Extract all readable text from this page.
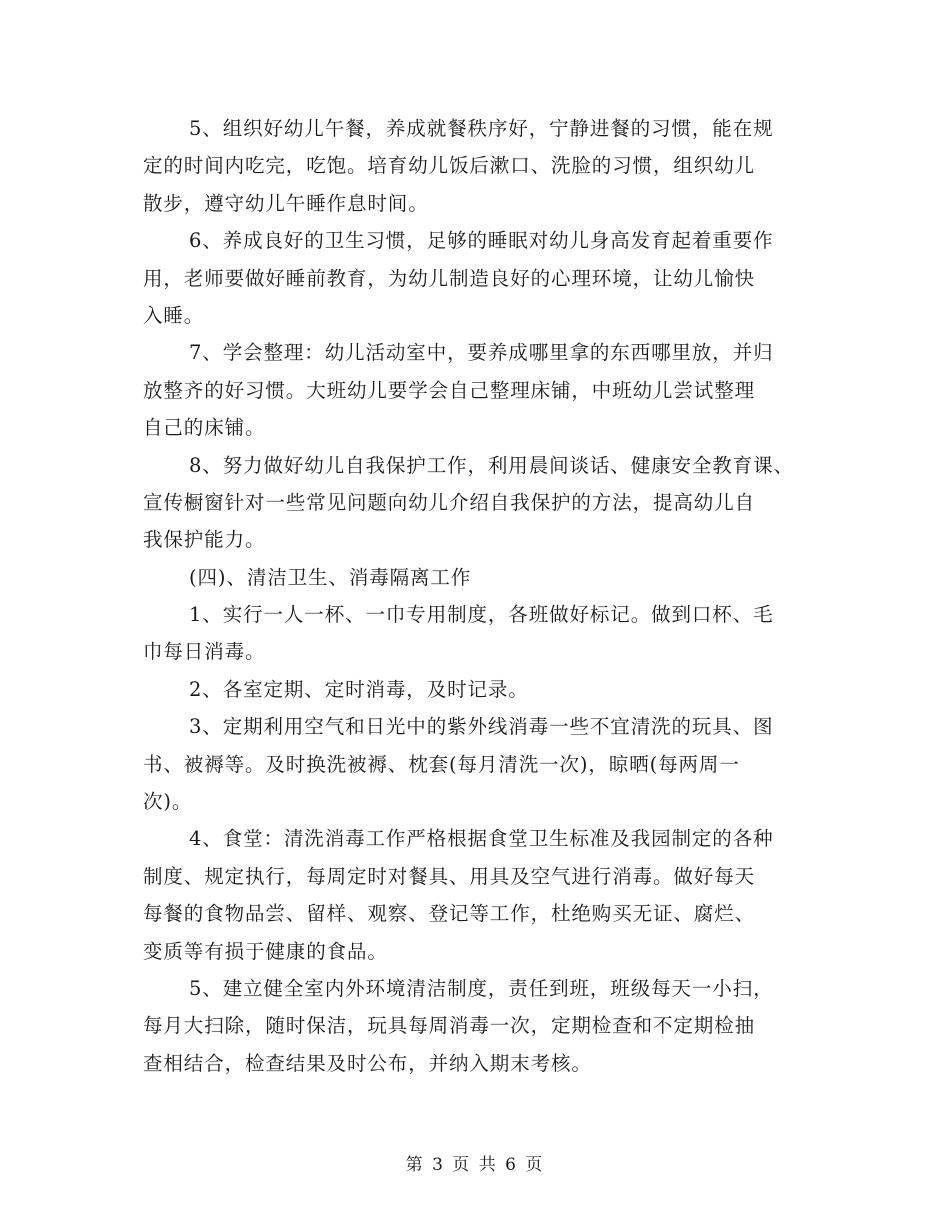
5、组织好幼儿午餐，养成就餐秩序好，宁静进餐的习惯，能在规
定的时间内吃完，吃饱。培育幼儿饭后漱口、洗脸的习惯，组织幼儿
散步，遵守幼儿午睡作息时间。
6、养成良好的卫生习惯，足够的睡眠对幼儿身高发育起着重要作
用，老师要做好睡前教育，为幼儿制造良好的心理环境，让幼儿愉快
入睡。
7、学会整理：幼儿活动室中，要养成哪里拿的东西哪里放，并归
放整齐的好习惯。大班幼儿要学会自己整理床铺，中班幼儿尝试整理
自己的床铺。
8、努力做好幼儿自我保护工作，利用晨间谈话、健康安全教育课、
宣传橱窗针对一些常见问题向幼儿介绍自我保护的方法，提高幼儿自
我保护能力。
(四)、清洁卫生、消毒隔离工作
1、实行一人一杯、一巾专用制度，各班做好标记。做到口杯、毛
巾每日消毒。
2、各室定期、定时消毒，及时记录。
3、定期利用空气和日光中的紫外线消毒一些不宜清洗的玩具、图
书、被褥等。及时换洗被褥、枕套(每月清洗一次)，晾晒(每两周一
次)。
4、食堂：清洗消毒工作严格根据食堂卫生标准及我园制定的各种
制度、规定执行，每周定时对餐具、用具及空气进行消毒。做好每天
每餐的食物品尝、留样、观察、登记等工作，杜绝购买无证、腐烂、
变质等有损于健康的食品。
5、建立健全室内外环境清洁制度，责任到班，班级每天一小扫，
每月大扫除，随时保洁，玩具每周消毒一次，定期检查和不定期检抽
查相结合，检查结果及时公布，并纳入期末考核。
第 3 页 共 6 页
